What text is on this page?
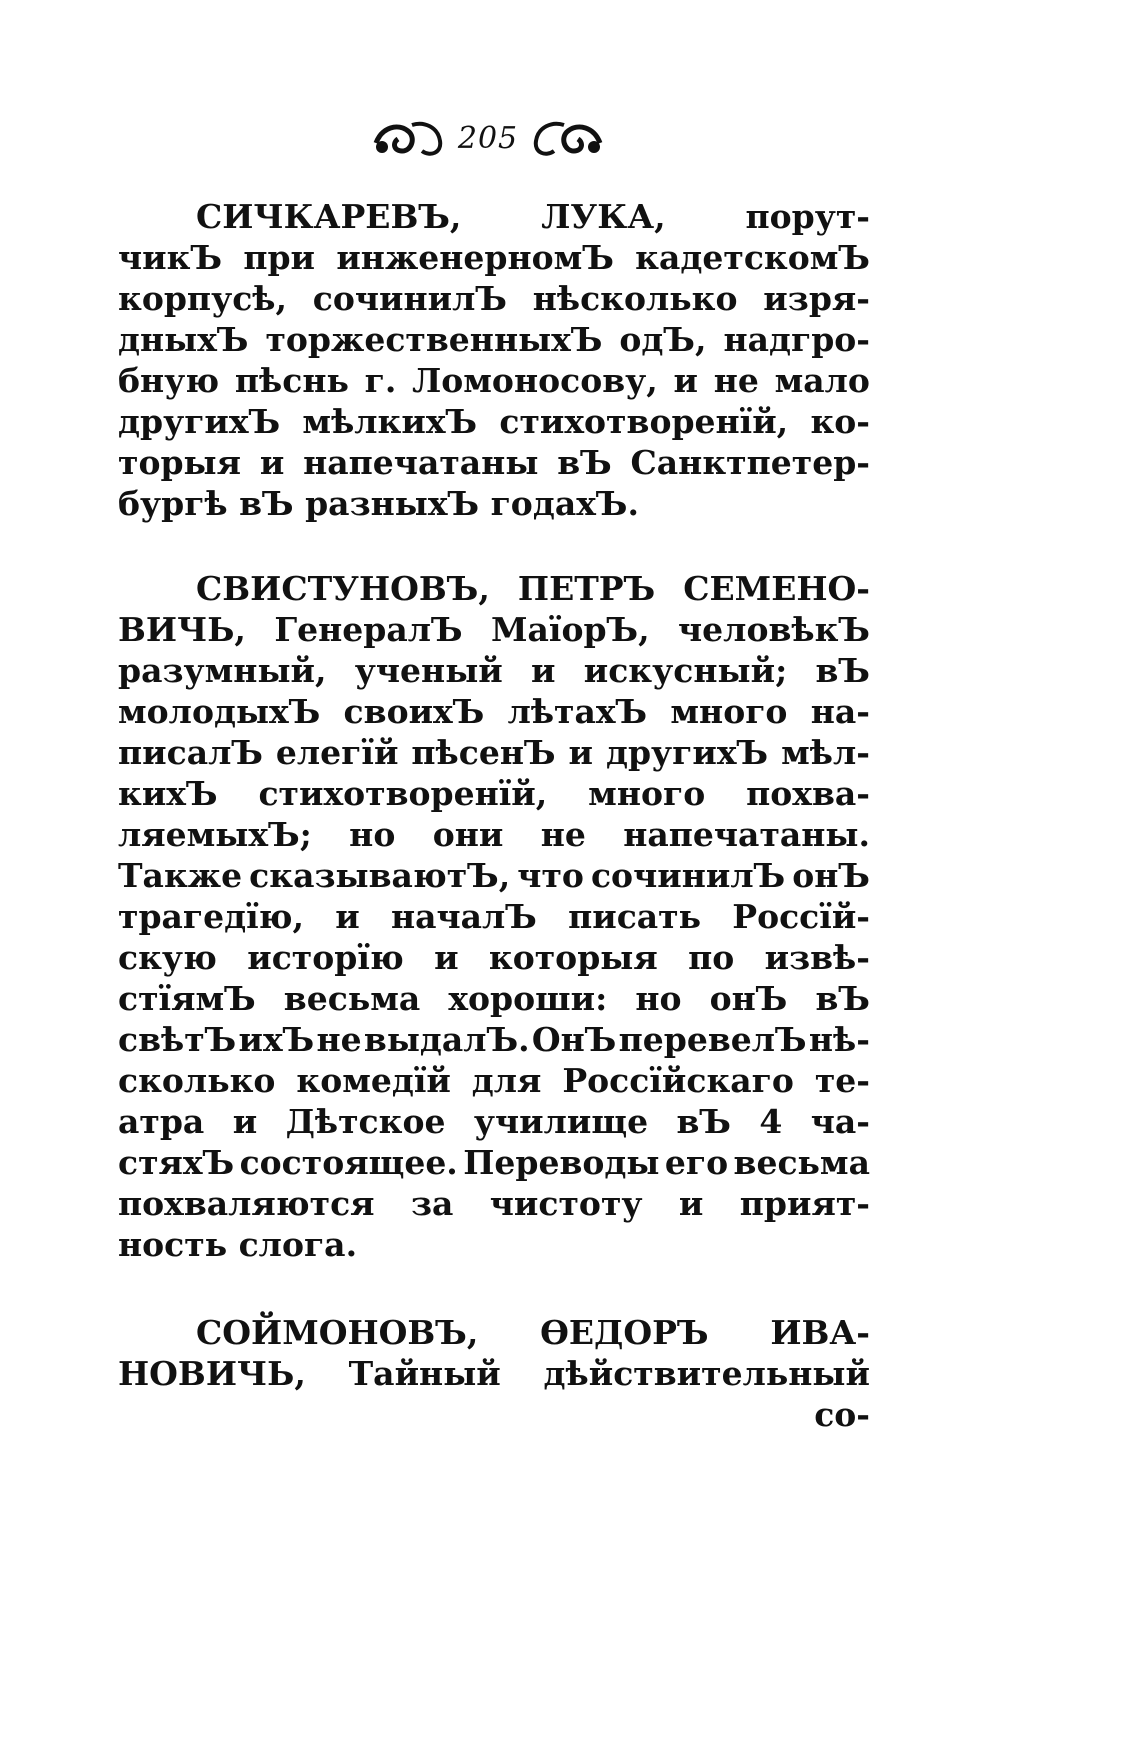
205
СИЧКАРЕВЪ, ЛУКА, порут-
чикЪ при инженерномЪ кадетскомЪ
корпусѣ, сочинилЪ нѣсколько изря-
дныхЪ торжественныхЪ одЪ, надгро-
бную пѣснь г. Ломоносову, и не мало
другихЪ мѣлкихЪ стихотворенїй, ко-
торыя и напечатаны вЪ Санктпетер-
бургѣ вЪ разныхЪ годахЪ.
СВИСТУНОВЪ, ПЕТРЪ СЕМЕНО-
ВИЧЬ, ГенералЪ МаїорЪ, человѣкЪ
разумный, ученый и искусный; вЪ
молодыхЪ своихЪ лѣтахЪ много на-
писалЪ елегїй пѣсенЪ и другихЪ мѣл-
кихЪ стихотворенїй, много похва-
ляемыхЪ; но они не напечатаны.
Также сказываютЪ, что сочинилЪ онЪ
трагедїю, и началЪ писать Россїй-
скую исторїю и которыя по извѣ-
стїямЪ весьма хороши: но онЪ вЪ
свѣтЪ ихЪ не выдалЪ. ОнЪ перевелЪ нѣ-
сколько комедїй для Россїйскаго те-
атра и Дѣтское училище вЪ 4 ча-
стяхЪ состоящее. Переводы его весьма
похваляются за чистоту и прият-
ность слога.
СОЙМОНОВЪ, ѲЕДОРЪ ИВА-
НОВИЧЬ, Тайный дѣйствительный
со-
